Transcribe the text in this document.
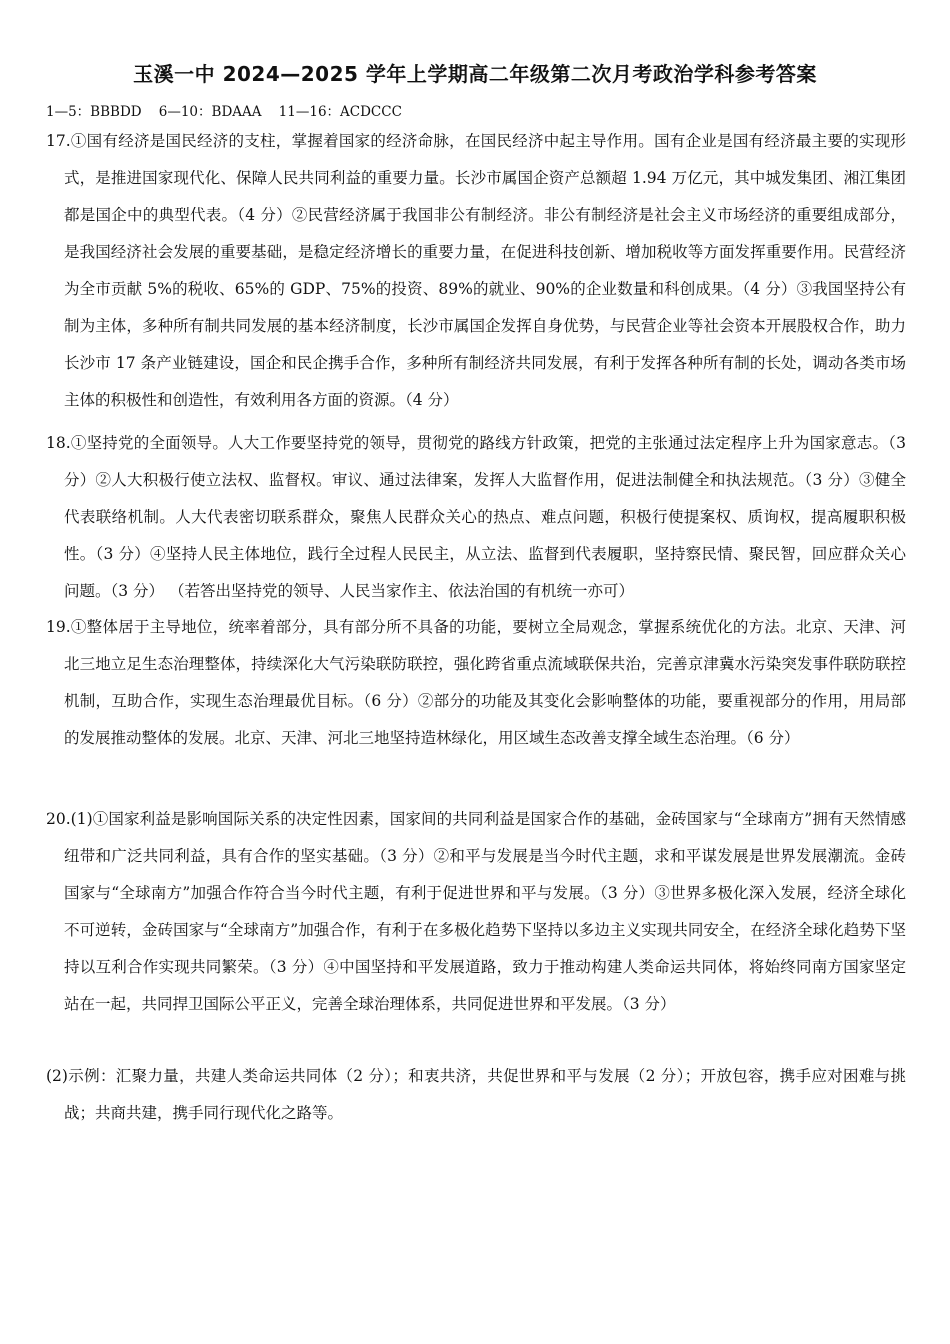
玉溪一中 2024—2025 学年上学期高二年级第二次月考政治学科参考答案
1—5：BBBDD    6—10：BDAAA    11—16：ACDCCC
17.①国有经济是国民经济的支柱，掌握着国家的经济命脉，在国民经济中起主导作用。国有企业是国有经济最主要的实现形式，是推进国家现代化、保障人民共同利益的重要力量。长沙市属国企资产总额超 1.94 万亿元，其中城发集团、湘江集团都是国企中的典型代表。（4 分）②民营经济属于我国非公有制经济。非公有制经济是社会主义市场经济的重要组成部分，是我国经济社会发展的重要基础，是稳定经济增长的重要力量，在促进科技创新、增加税收等方面发挥重要作用。民营经济为全市贡献 5%的税收、65%的 GDP、75%的投资、89%的就业、90%的企业数量和科创成果。（4 分）③我国坚持公有制为主体，多种所有制共同发展的基本经济制度，长沙市属国企发挥自身优势，与民营企业等社会资本开展股权合作，助力长沙市 17 条产业链建设，国企和民企携手合作，多种所有制经济共同发展，有利于发挥各种所有制的长处，调动各类市场主体的积极性和创造性，有效利用各方面的资源。（4 分）
18.①坚持党的全面领导。人大工作要坚持党的领导，贯彻党的路线方针政策，把党的主张通过法定程序上升为国家意志。（3 分）②人大积极行使立法权、监督权。审议、通过法律案，发挥人大监督作用，促进法制健全和执法规范。（3 分）③健全代表联络机制。人大代表密切联系群众，聚焦人民群众关心的热点、难点问题，积极行使提案权、质询权，提高履职积极性。（3 分）④坚持人民主体地位，践行全过程人民民主，从立法、监督到代表履职，坚持察民情、聚民智，回应群众关心问题。（3 分） （若答出坚持党的领导、人民当家作主、依法治国的有机统一亦可）
19.①整体居于主导地位，统率着部分，具有部分所不具备的功能，要树立全局观念，掌握系统优化的方法。北京、天津、河北三地立足生态治理整体，持续深化大气污染联防联控，强化跨省重点流域联保共治，完善京津冀水污染突发事件联防联控机制，互助合作，实现生态治理最优目标。（6 分）②部分的功能及其变化会影响整体的功能，要重视部分的作用，用局部的发展推动整体的发展。北京、天津、河北三地坚持造林绿化，用区域生态改善支撑全域生态治理。（6 分）
20.(1)①国家利益是影响国际关系的决定性因素，国家间的共同利益是国家合作的基础，金砖国家与“全球南方”拥有天然情感纽带和广泛共同利益，具有合作的坚实基础。（3 分）②和平与发展是当今时代主题，求和平谋发展是世界发展潮流。金砖国家与“全球南方”加强合作符合当今时代主题，有利于促进世界和平与发展。（3 分）③世界多极化深入发展，经济全球化不可逆转，金砖国家与“全球南方”加强合作，有利于在多极化趋势下坚持以多边主义实现共同安全，在经济全球化趋势下坚持以互利合作实现共同繁荣。（3 分）④中国坚持和平发展道路，致力于推动构建人类命运共同体，将始终同南方国家坚定站在一起，共同捍卫国际公平正义，完善全球治理体系，共同促进世界和平发展。（3 分）
(2)示例：汇聚力量，共建人类命运共同体（2 分）；和衷共济，共促世界和平与发展（2 分）；开放包容，携手应对困难与挑战；共商共建，携手同行现代化之路等。
